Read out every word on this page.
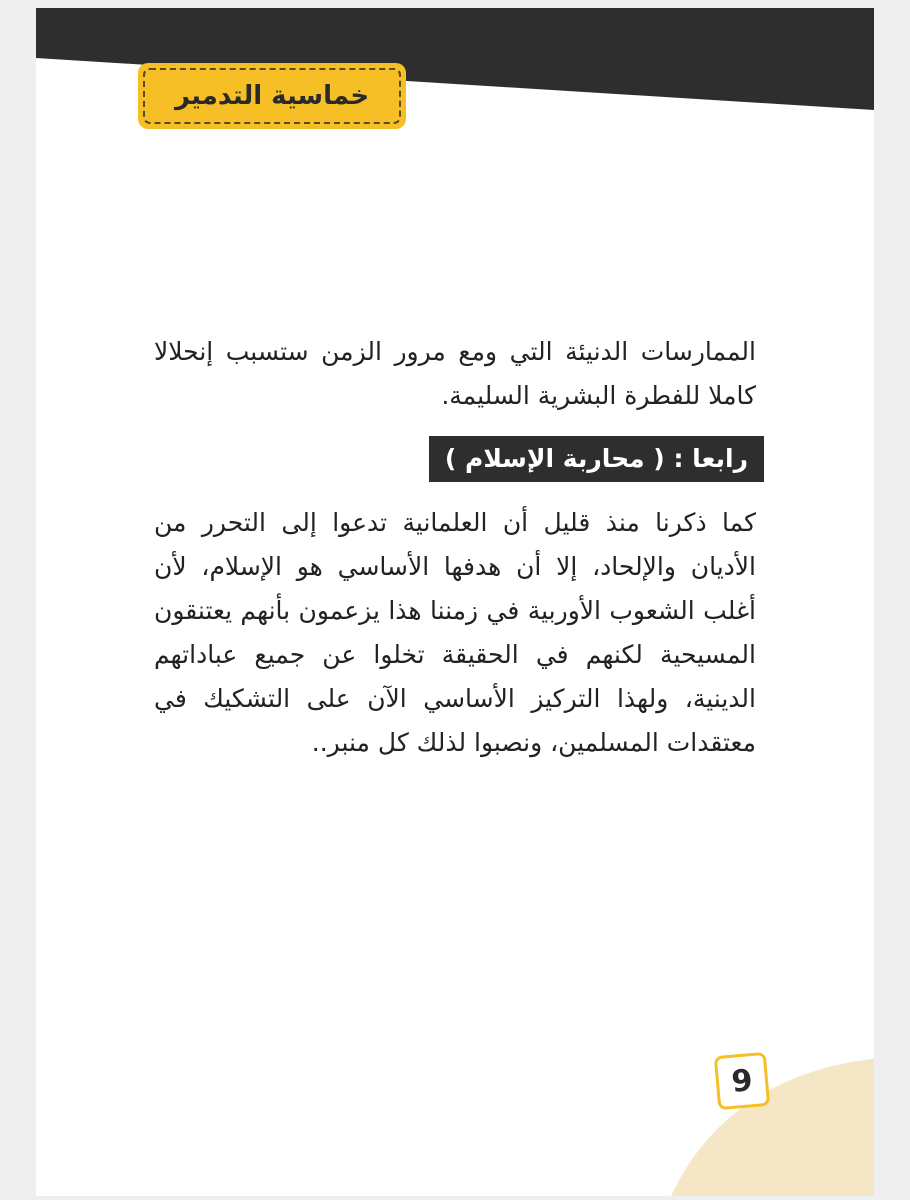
خماسية التدمير

الممارسات الدنيئة التي ومع مرور الزمن ستسبب إنحلالا كاملا للفطرة البشرية السليمة.

رابعا : ( محاربة الإسلام )

كما ذكرنا منذ قليل أن العلمانية تدعوا إلى التحرر من الأديان والإلحاد، إلا أن هدفها الأساسي هو الإسلام، لأن أغلب الشعوب الأوربية في زمننا هذا يزعمون بأنهم يعتنقون المسيحية لكنهم في الحقيقة تخلوا عن جميع عباداتهم الدينية، ولهذا التركيز الأساسي الآن على التشكيك في معتقدات المسلمين، ونصبوا لذلك كل منبر..

9
